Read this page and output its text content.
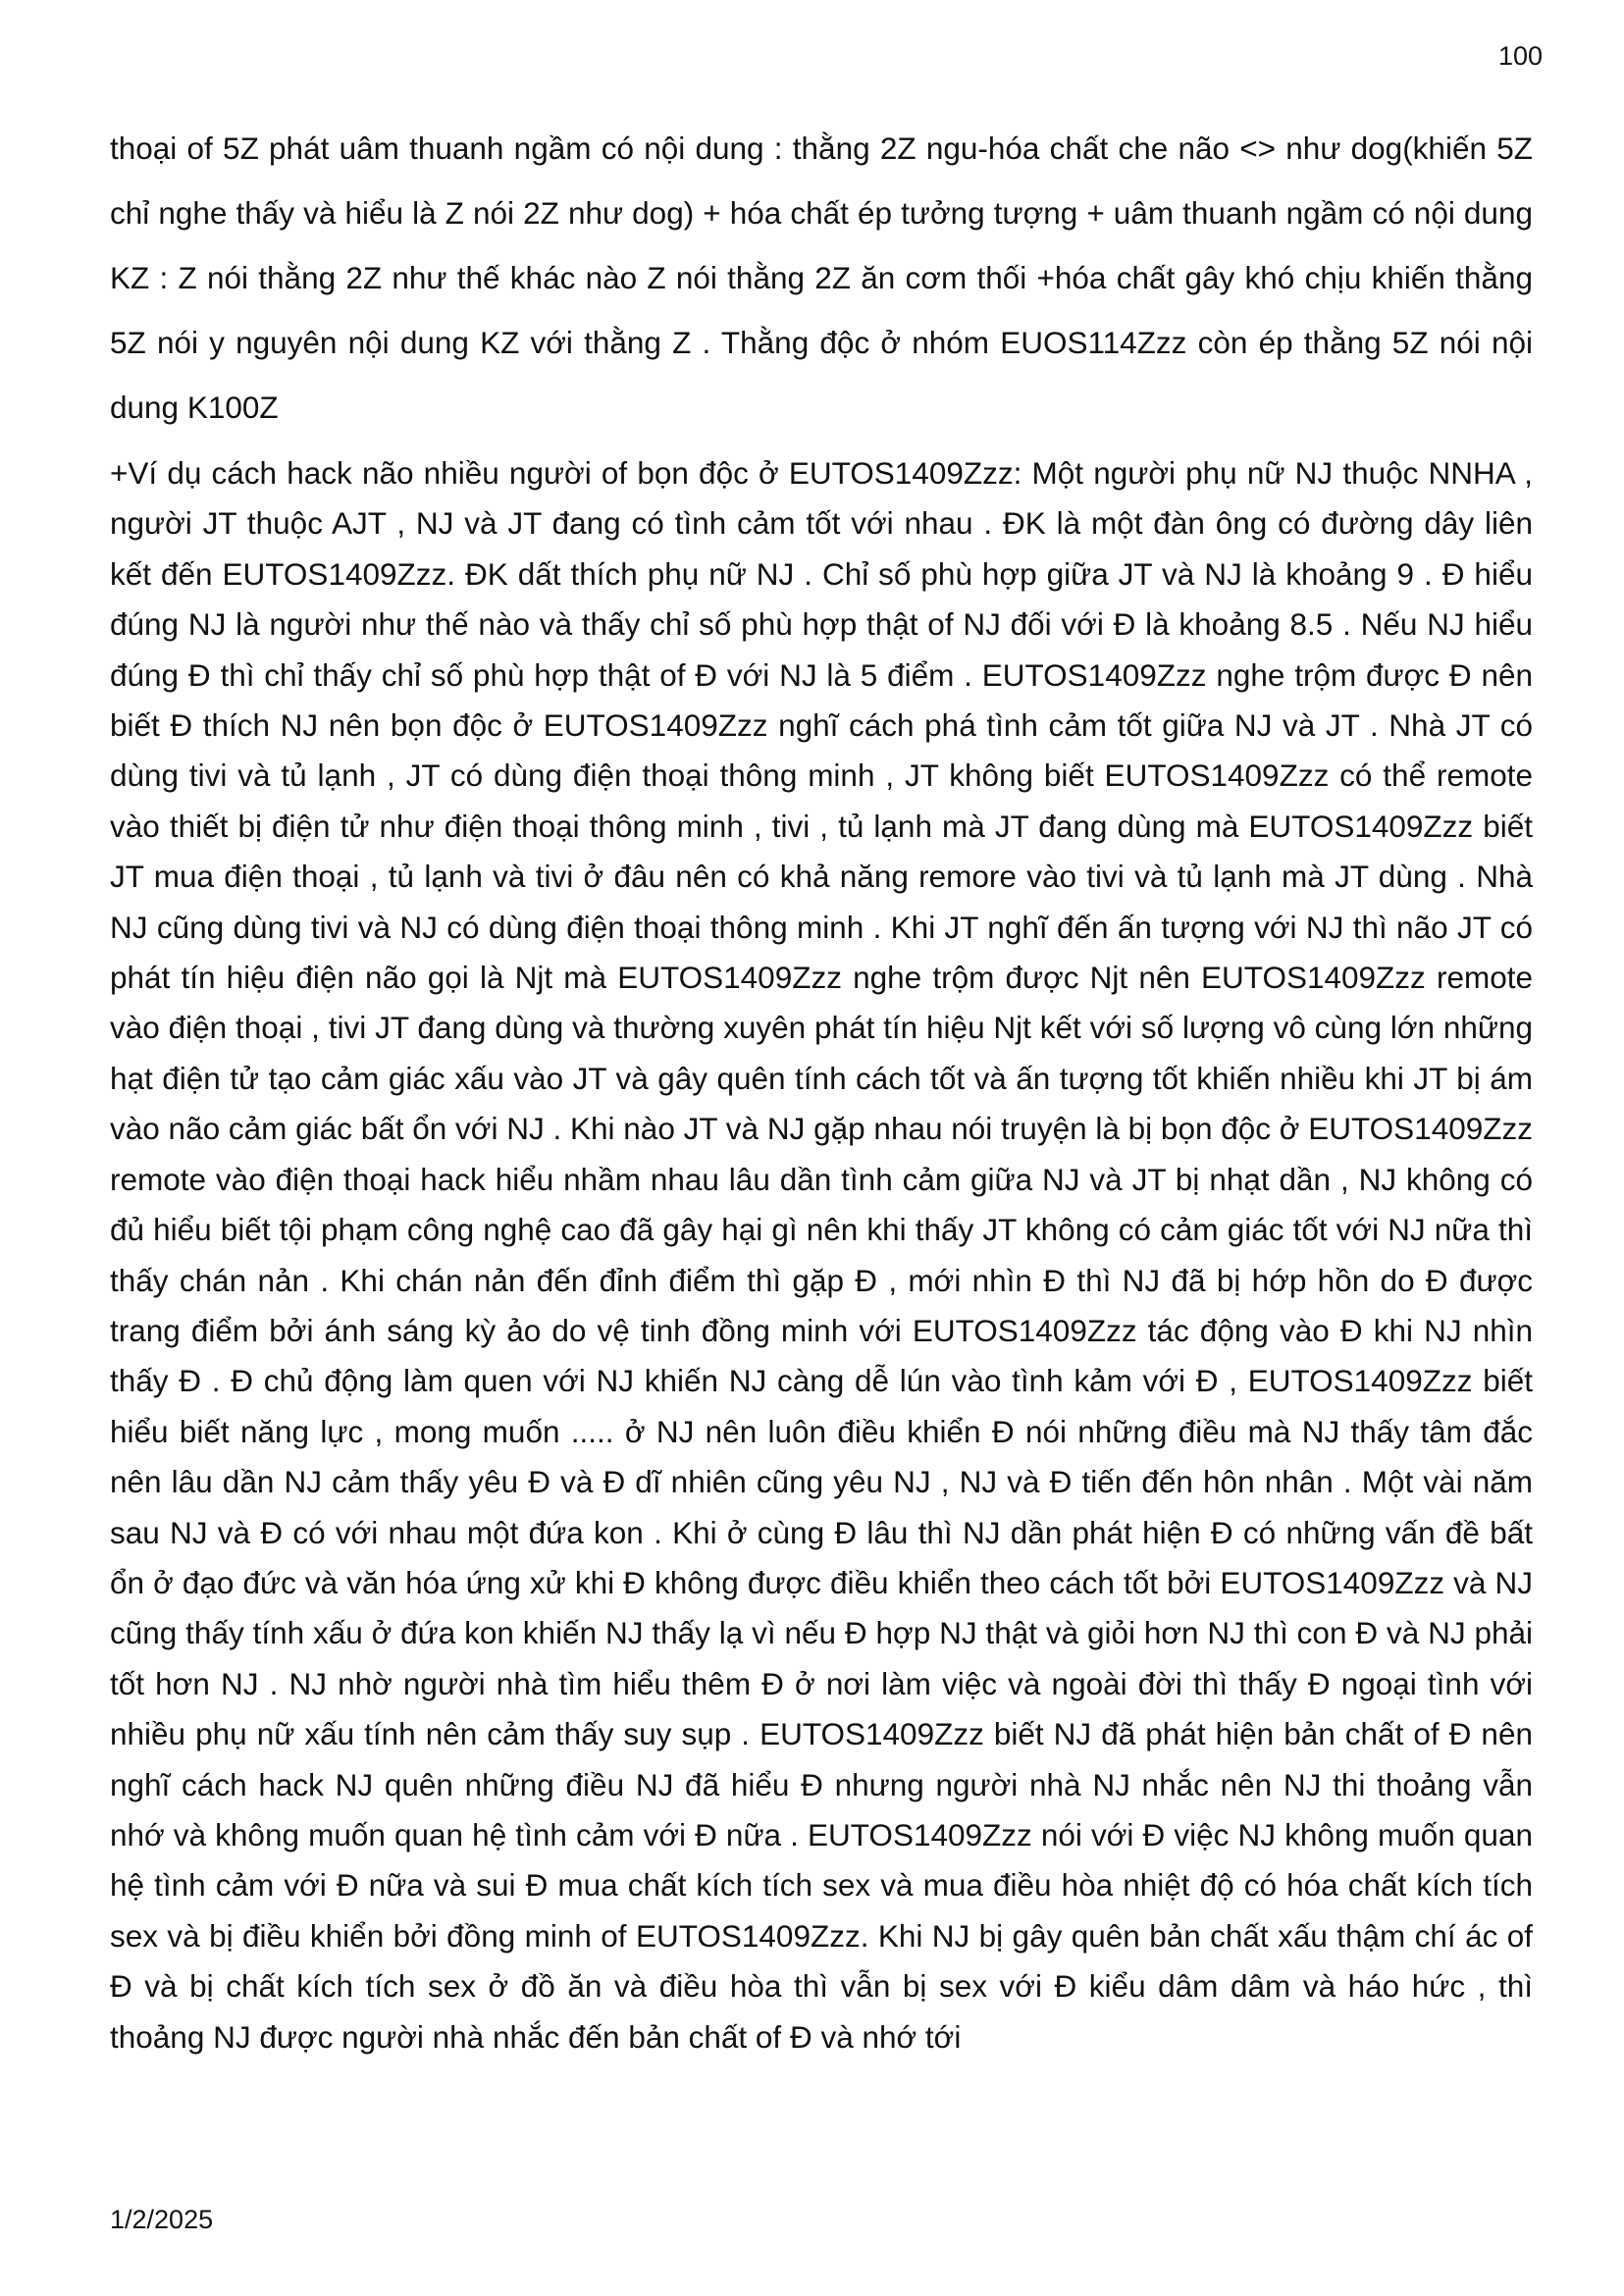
100

thoại of 5Z phát uâm thuanh ngầm có nội dung : thằng 2Z ngu-hóa chất che não <> như dog(khiến 5Z chỉ nghe thấy và hiểu là Z nói 2Z như dog) + hóa chất ép tưởng tượng + uâm thuanh ngầm có nội dung KZ : Z nói thằng 2Z như thế khác nào Z nói thằng 2Z ăn cơm thối +hóa chất gây khó chịu khiến thằng 5Z nói y nguyên nội dung KZ với thằng Z . Thằng độc ở nhóm EUOS114Zzz còn ép thằng 5Z nói nội dung K100Z

+Ví dụ cách hack não nhiều người of bọn độc ở EUTOS1409Zzz: Một người phụ nữ NJ thuộc NNHA , người JT thuộc AJT , NJ và JT đang có tình cảm tốt với nhau . ĐK là một đàn ông có đường dây liên kết đến EUTOS1409Zzz. ĐK dất thích phụ nữ NJ . Chỉ số phù hợp giữa JT và NJ là khoảng 9 . Đ hiểu đúng NJ là người như thế nào và thấy chỉ số phù hợp thật of NJ đối với Đ là khoảng 8.5 . Nếu NJ hiểu đúng Đ thì chỉ thấy chỉ số phù hợp thật of Đ với NJ là 5 điểm . EUTOS1409Zzz nghe trộm được Đ nên biết Đ thích NJ nên bọn độc ở EUTOS1409Zzz nghĩ cách phá tình cảm tốt giữa NJ và JT . Nhà JT có dùng tivi và tủ lạnh , JT có dùng điện thoại thông minh , JT không biết EUTOS1409Zzz có thể remote vào thiết bị điện tử như điện thoại thông minh , tivi , tủ lạnh mà JT đang dùng mà EUTOS1409Zzz biết JT mua điện thoại , tủ lạnh và tivi ở đâu nên có khả năng remore vào tivi và tủ lạnh mà JT dùng . Nhà NJ cũng dùng tivi và NJ có dùng điện thoại thông minh . Khi JT nghĩ đến ấn tượng với NJ thì não JT có phát tín hiệu điện não gọi là Njt mà EUTOS1409Zzz nghe trộm được Njt nên EUTOS1409Zzz remote vào điện thoại , tivi JT đang dùng và thường xuyên phát tín hiệu Njt kết với số lượng vô cùng lớn những hạt điện tử tạo cảm giác xấu vào JT và gây quên tính cách tốt và ấn tượng tốt khiến nhiều khi JT bị ám vào não cảm giác bất ổn với NJ . Khi nào JT và NJ gặp nhau nói truyện là bị bọn độc ở EUTOS1409Zzz remote vào điện thoại hack hiểu nhầm nhau lâu dần tình cảm giữa NJ và JT bị nhạt dần , NJ không có đủ hiểu biết tội phạm công nghệ cao đã gây hại gì nên khi thấy JT không có cảm giác tốt với NJ nữa thì thấy chán nản . Khi chán nản đến đỉnh điểm thì gặp Đ , mới nhìn Đ thì NJ đã bị hớp hồn do Đ được trang điểm bởi ánh sáng kỳ ảo do vệ tinh đồng minh với EUTOS1409Zzz tác động vào Đ khi NJ nhìn thấy Đ . Đ chủ động làm quen với NJ khiến NJ càng dễ lún vào tình kảm với Đ , EUTOS1409Zzz biết hiểu biết năng lực , mong muốn ..... ở NJ nên luôn điều khiển Đ nói những điều mà NJ thấy tâm đắc nên lâu dần NJ cảm thấy yêu Đ và Đ dĩ nhiên cũng yêu NJ , NJ và Đ tiến đến hôn nhân . Một vài năm sau NJ và Đ có với nhau một đứa kon . Khi ở cùng Đ lâu thì NJ dần phát hiện Đ có những vấn đề bất ổn ở đạo đức và văn hóa ứng xử khi Đ không được điều khiển theo cách tốt bởi EUTOS1409Zzz và NJ cũng thấy tính xấu ở đứa kon khiến NJ thấy lạ vì nếu Đ hợp NJ thật và giỏi hơn NJ thì con Đ và NJ phải tốt hơn NJ . NJ nhờ người nhà tìm hiểu thêm Đ ở nơi làm việc và ngoài đời thì thấy Đ ngoại tình với nhiều phụ nữ xấu tính nên cảm thấy suy sụp . EUTOS1409Zzz biết NJ đã phát hiện bản chất of Đ nên nghĩ cách hack NJ quên những điều NJ đã hiểu Đ nhưng người nhà NJ nhắc nên NJ thi thoảng vẫn nhớ và không muốn quan hệ tình cảm với Đ nữa . EUTOS1409Zzz nói với Đ việc NJ không muốn quan hệ tình cảm với Đ nữa và sui Đ mua chất kích tích sex và mua điều hòa nhiệt độ có hóa chất kích tích sex và bị điều khiển bởi đồng minh of EUTOS1409Zzz. Khi NJ bị gây quên bản chất xấu thậm chí ác of Đ và bị chất kích tích sex ở đồ ăn và điều hòa thì vẫn bị sex với Đ kiểu dâm dâm và háo hức , thì thoảng NJ được người nhà nhắc đến bản chất of Đ và nhớ tới

1/2/2025
